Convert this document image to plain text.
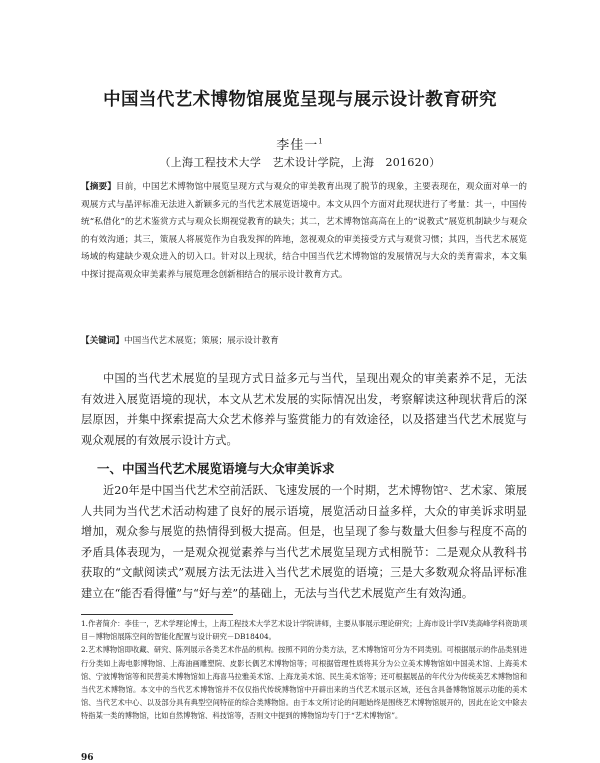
中国当代艺术博物馆展览呈现与展示设计教育研究
李佳一$^1$
（上海工程技术大学　艺术设计学院，上海　201620）
【摘要】目前，中国艺术博物馆中展览呈现方式与观众的审美教育出现了脱节的现象，主要表现在，观众面对单一的观展方式与晶评标准无法进入新颖多元的当代艺术展览语境中。本文从四个方面对此现状进行了考量：其一，中国传统“私借化”的艺术鉴赏方式与观众长期视觉教育的缺失；其二，艺术博物馆高高在上的“说教式”展览机制缺少与观众的有效沟通；其三，策展人将展览作为自我发挥的阵地，忽视观众的审美接受方式与观赏习惯；其四，当代艺术展览场域的构建缺少观众进入的切入口。针对以上现状，结合中国当代艺术博物馆的发展情况与大众的美育需求，本文集中探讨提高观众审美素养与展览理念创新相结合的展示设计教育方式。
【关键词】中国当代艺术展览；策展；展示设计教育
中国的当代艺术展览的呈现方式日益多元与当代，呈现出观众的审美素养不足，无法有效进入展览语境的现状，本文从艺术发展的实际情况出发，考察解读这种现状背后的深层原因，并集中探索提高大众艺术修养与鉴赏能力的有效途径，以及搭建当代艺术展览与观众观展的有效展示设计方式。
一、中国当代艺术展览语境与大众审美诉求
近20年是中国当代艺术空前活跃、飞速发展的一个时期，艺术博物馆²、艺术家、策展人共同为当代艺术活动构建了良好的展示语境，展览活动日益多样，大众的审美诉求明显增加，观众参与展览的热情得到极大提高。但是，也呈现了参与数量大但参与程度不高的矛盾具体表现为，一是观众视觉素养与当代艺术展览呈现方式相脱节：二是观众从教科书获取的“文献阅读式”观展方法无法进入当代艺术展览的语境；三是大多数观众将品评标准建立在“能否看得懂”与“好与差”的基础上，无法与当代艺术展览产生有效沟通。

1.作者简介：李佳一，艺术学理论博士，上海工程技术大学艺术设计学院讲师，主要从事展示理论研究；上海市设计学IV类高峰学科资助项目－博物馆展陈空间的智能化配置与设计研究－DB18404。

2.艺术博物馆即收藏、研究、陈列展示各类艺术作品的机构。按照不同的分类方法，艺术博物馆可分为不同类别。可根据展示的作品类别进行分类如上海电影博物馆、上海油画雕塑院、皮影长偶艺术博物馆等；可根据管理性质将其分为公立美术博物馆如中国美术馆、上海美术馆、宁波博物馆等和民营美术博物馆如上海喜马拉雅美术馆、上海龙美术馆、民生美术馆等；还可根据展品的年代分为传统美艺术博物馆和当代艺术博物馆。本文中的当代艺术博物馆并不仅仅指代传统博物馆中开辟出来的当代艺术展示区域，还包含具备博物馆展示功能的美术馆、当代艺术中心、以及部分具有典型空间特征的综合类博物馆。由于本文所讨论的问题始终是围绕艺术博物馆展开的，因此在论文中除去特指某一类的博物馆，比如自然博物馆、科技馆等，否则文中提到的博物馆均专门于“艺术博物馆”。

96
